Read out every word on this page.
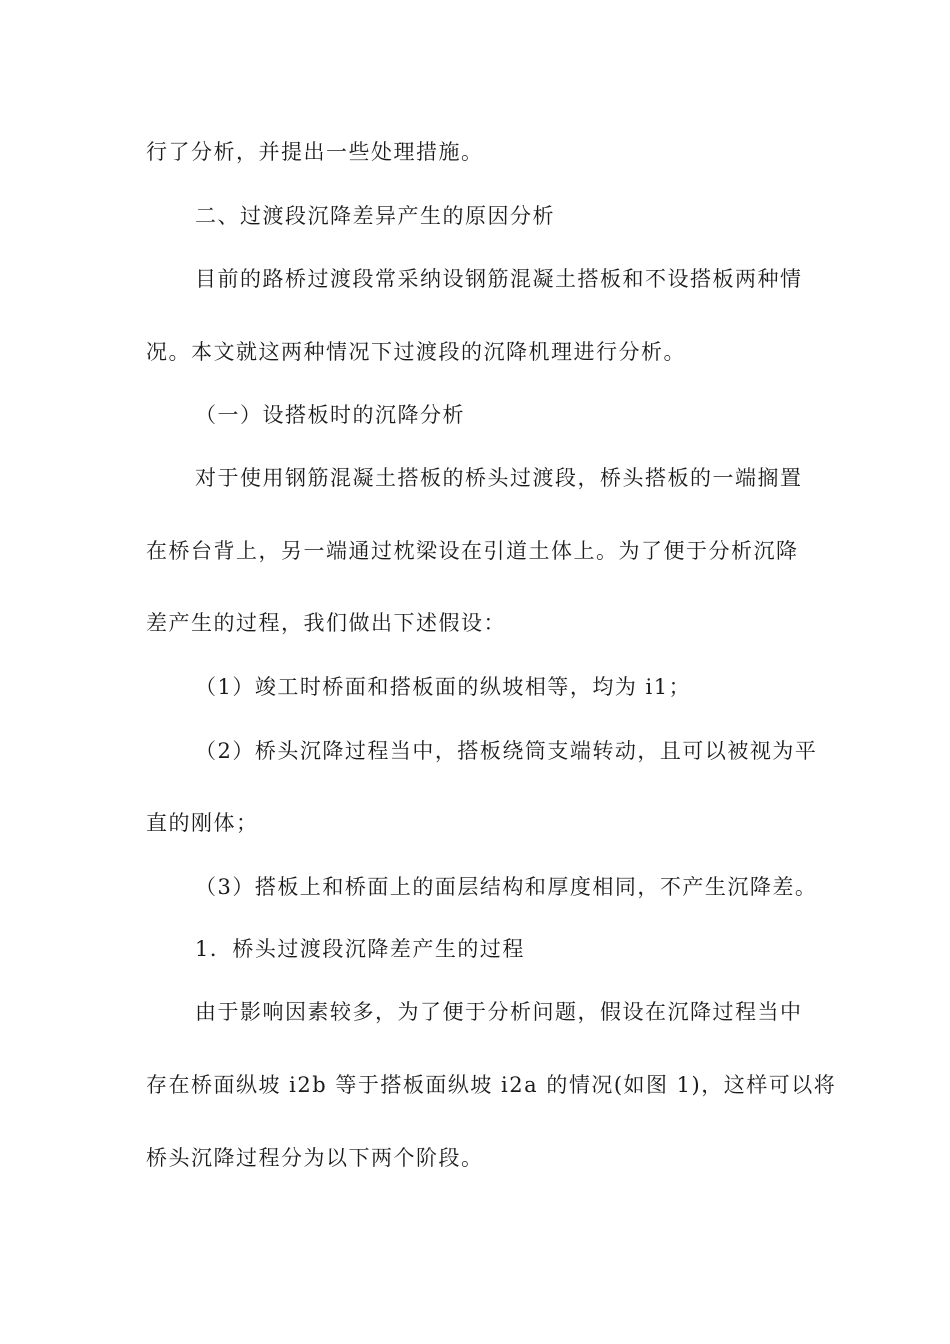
行了分析，并提出一些处理措施。

二、过渡段沉降差异产生的原因分析

目前的路桥过渡段常采纳设钢筋混凝土搭板和不设搭板两种情

况。本文就这两种情况下过渡段的沉降机理进行分析。

（一）设搭板时的沉降分析

对于使用钢筋混凝土搭板的桥头过渡段，桥头搭板的一端搁置

在桥台背上，另一端通过枕梁设在引道土体上。为了便于分析沉降

差产生的过程，我们做出下述假设：

（1）竣工时桥面和搭板面的纵坡相等，均为 i1；

（2）桥头沉降过程当中，搭板绕筒支端转动，且可以被视为平

直的刚体；

（3）搭板上和桥面上的面层结构和厚度相同，不产生沉降差。

1．桥头过渡段沉降差产生的过程

由于影响因素较多，为了便于分析问题，假设在沉降过程当中

存在桥面纵坡 i2b 等于搭板面纵坡 i2a 的情况(如图 1)，这样可以将

桥头沉降过程分为以下两个阶段。
